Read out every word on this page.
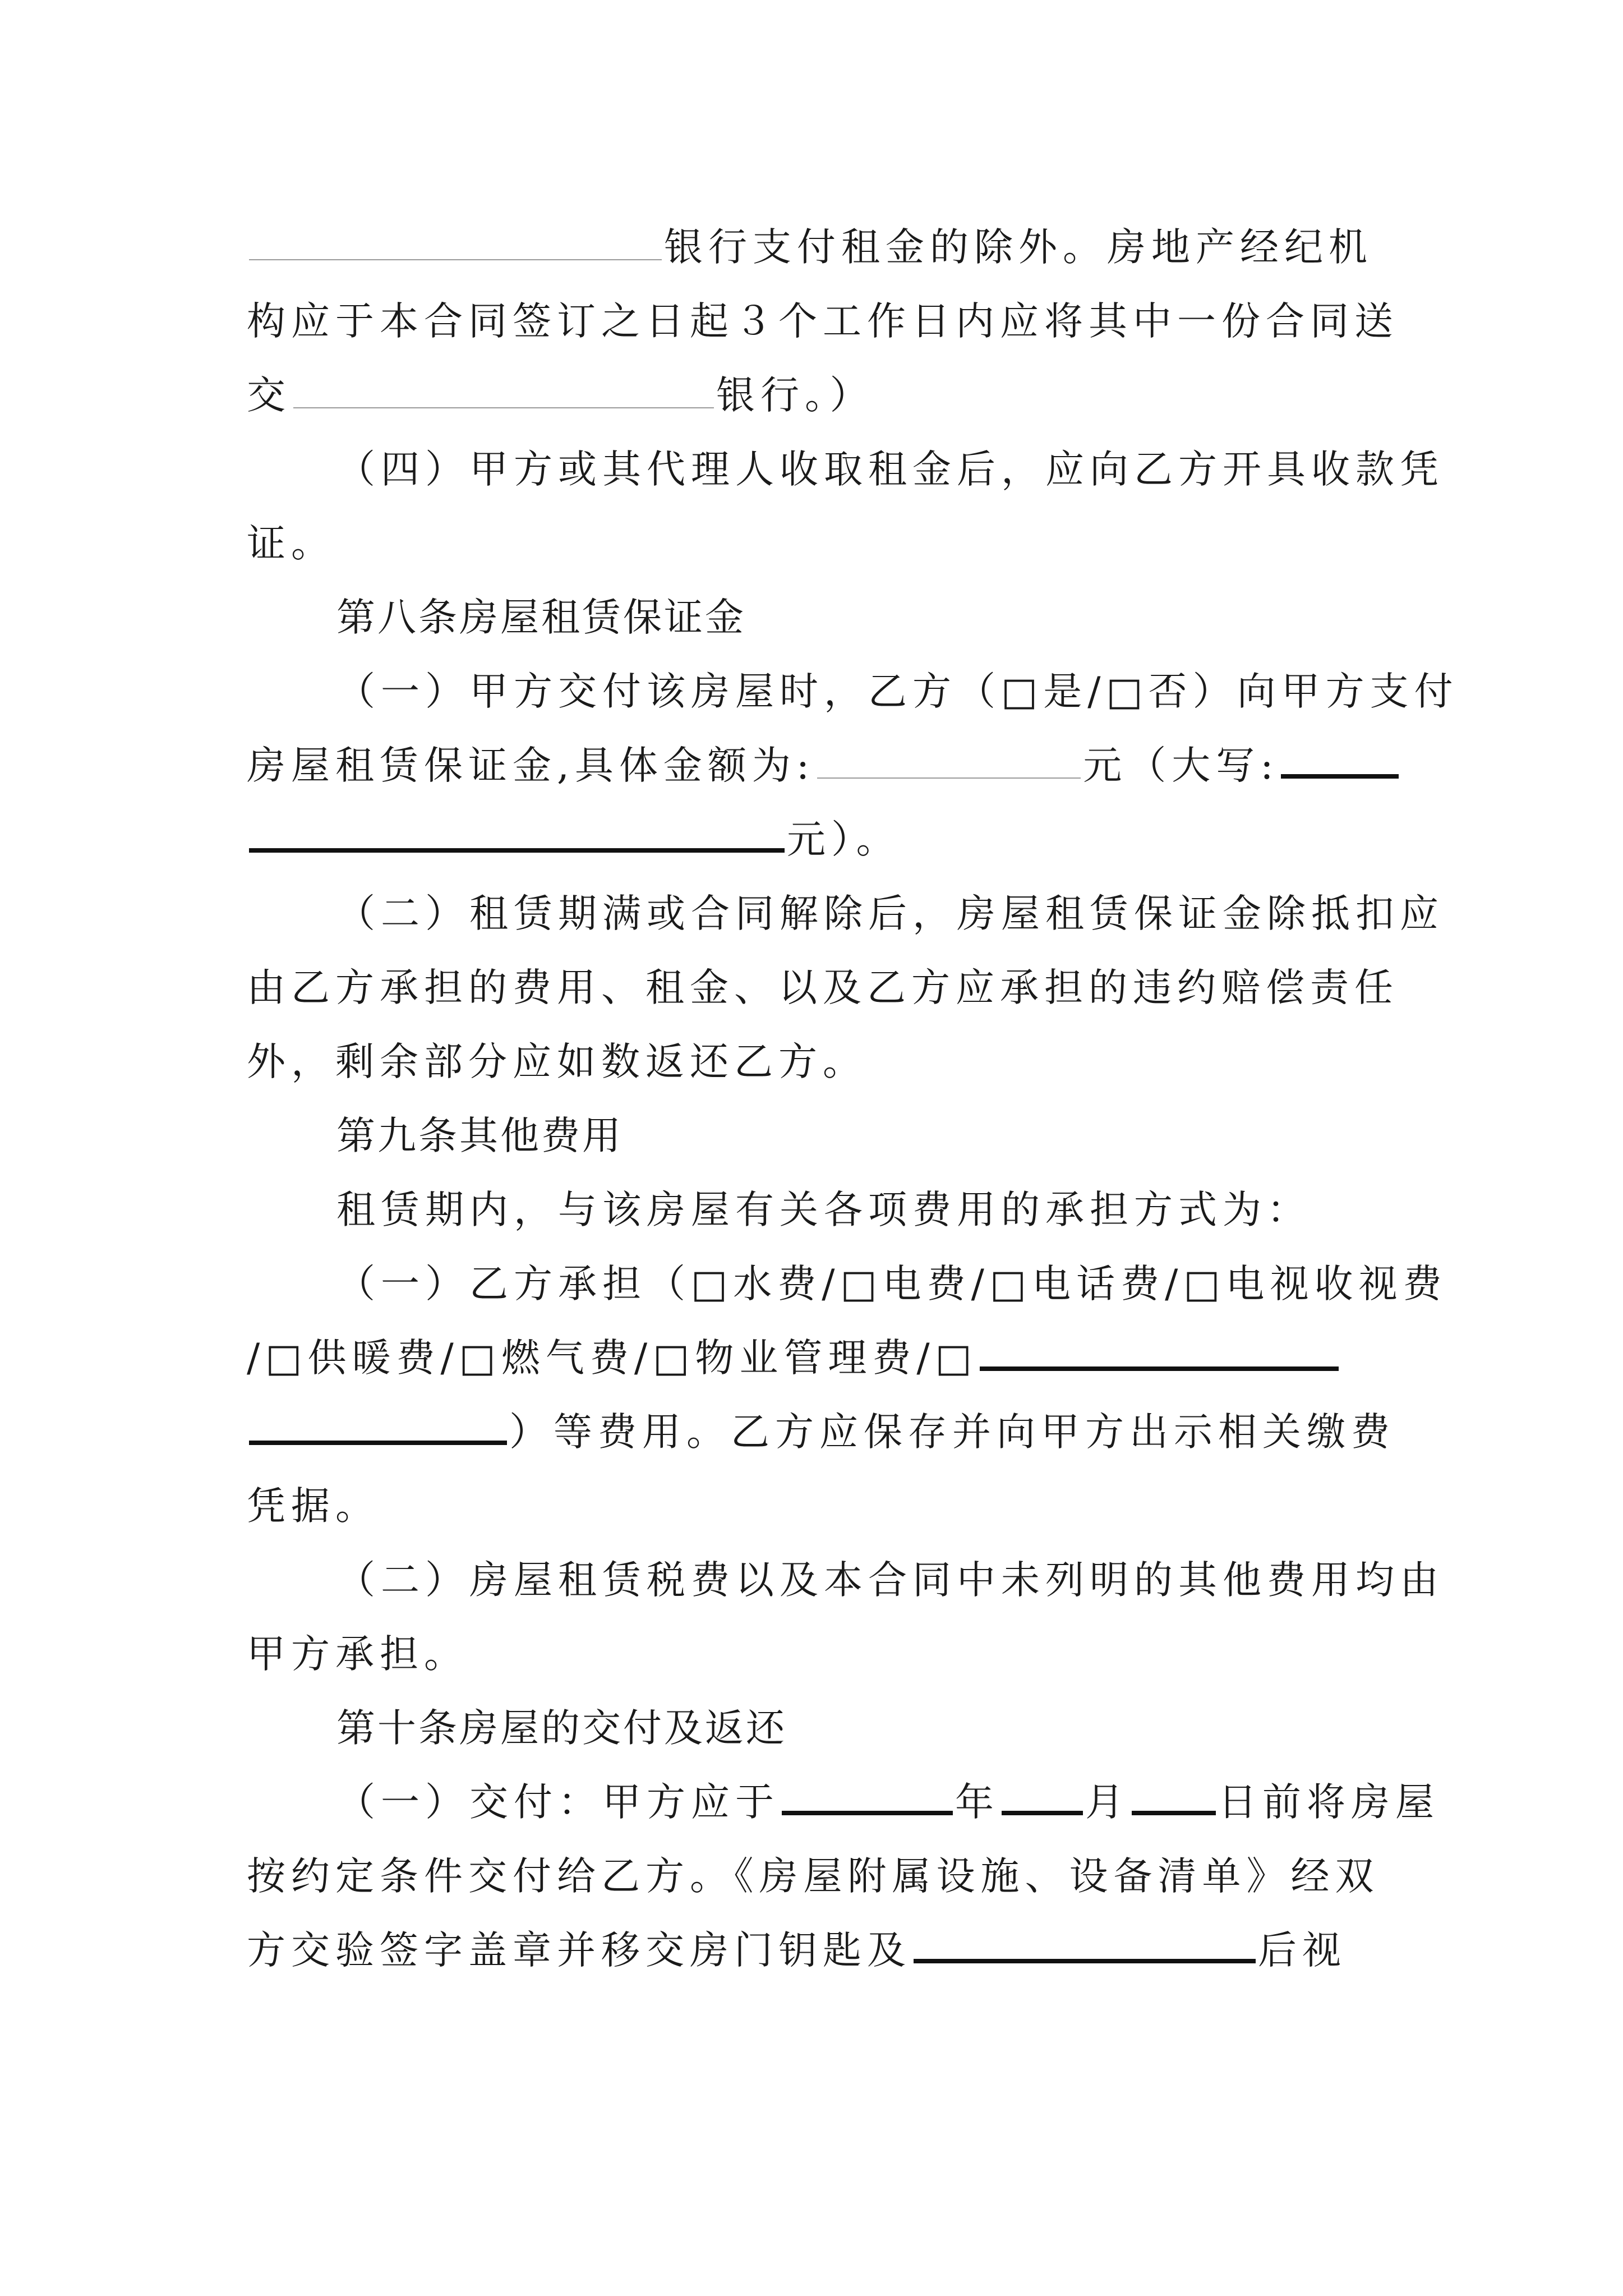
银行支付租金的除外。房地产经纪机
构应于本合同签订之日起３个工作日内应将其中一份合同送
交	银行。）
（四）甲方或其代理人收取租金后，应向乙方开具收款凭
证。
第八条房屋租赁保证金
（一）甲方交付该房屋时，乙方（□是/□否）向甲方支付
房屋租赁保证金,具体金额为:	元（大写:
元）。
（二）租赁期满或合同解除后，房屋租赁保证金除抵扣应
由乙方承担的费用、租金、以及乙方应承担的违约赔偿责任
外，剩余部分应如数返还乙方。
第九条其他费用
租赁期内，与该房屋有关各项费用的承担方式为：
（一）乙方承担（□水费/□电费/□电话费/□电视收视费
/□供暖费/□燃气费/□物业管理费/□
）等费用。乙方应保存并向甲方出示相关缴费
凭据。
（二）房屋租赁税费以及本合同中未列明的其他费用均由
甲方承担。
第十条房屋的交付及返还
（一）交付：甲方应于	年 月 日前将房屋
按约定条件交付给乙方。《房屋附属设施、设备清单》经双
方交验签字盖章并移交房门钥匙及	后视
